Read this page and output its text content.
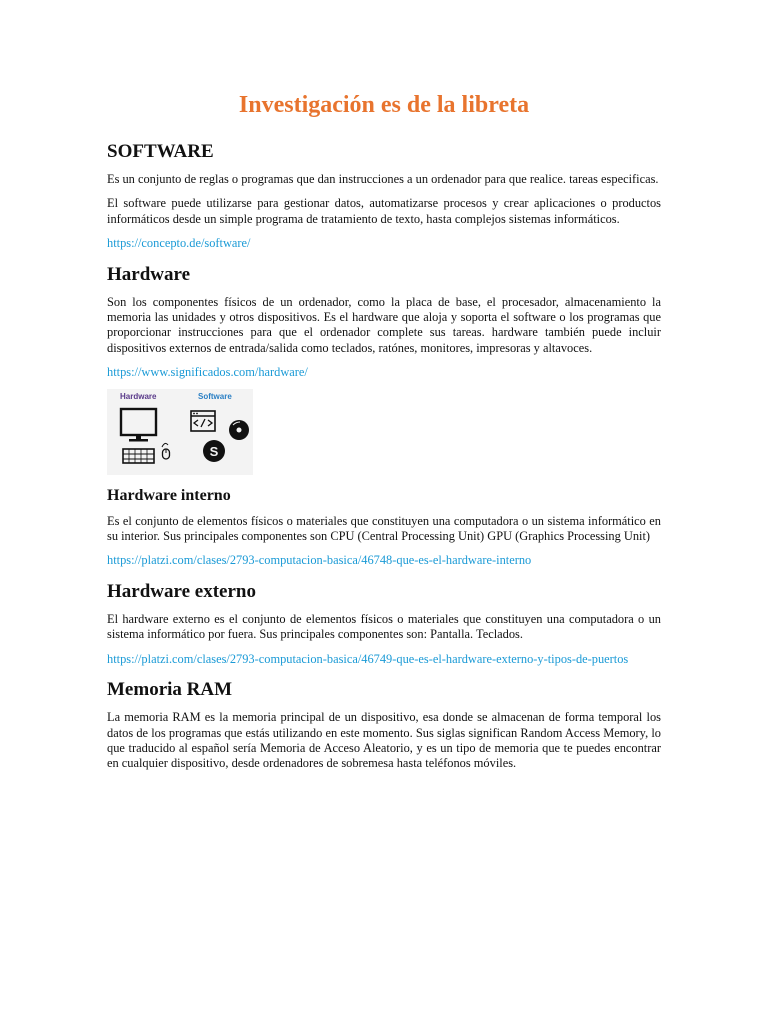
Investigación es de la libreta
SOFTWARE

Es un conjunto de reglas o programas que dan instrucciones a un ordenador para que realice. tareas especificas.

El software puede utilizarse para gestionar datos, automatizarse procesos y crear aplicaciones o productos informáticos desde un simple programa de tratamiento de texto, hasta complejos sistemas informáticos.

https://concepto.de/software/
Hardware

Son los componentes físicos de un ordenador, como la placa de base, el procesador, almacenamiento la memoria las unidades y otros dispositivos. Es el hardware que aloja y soporta el software o los programas que proporcionar instrucciones para que el ordenador complete sus tareas. hardware también puede incluir dispositivos externos de entrada/salida como teclados, ratónes, monitores, impresoras y altavoces.

https://www.significados.com/hardware/
Hardware	Software
S
Hardware interno

Es el conjunto de elementos físicos o materiales que constituyen una computadora o un sistema informático en su interior. Sus principales componentes son CPU (Central Processing Unit) GPU (Graphics Processing Unit)

https://platzi.com/clases/2793-computacion-basica/46748-que-es-el-hardware-interno
Hardware externo

El hardware externo es el conjunto de elementos físicos o materiales que constituyen una computadora o un sistema informático por fuera. Sus principales componentes son: Pantalla. Teclados.

https://platzi.com/clases/2793-computacion-basica/46749-que-es-el-hardware-externo-y-tipos-de-puertos
Memoria RAM

La memoria RAM es la memoria principal de un dispositivo, esa donde se almacenan de forma temporal los datos de los programas que estás utilizando en este momento. Sus siglas significan Random Access Memory, lo que traducido al español sería Memoria de Acceso Aleatorio, y es un tipo de memoria que te puedes encontrar en cualquier dispositivo, desde ordenadores de sobremesa hasta teléfonos móviles.
